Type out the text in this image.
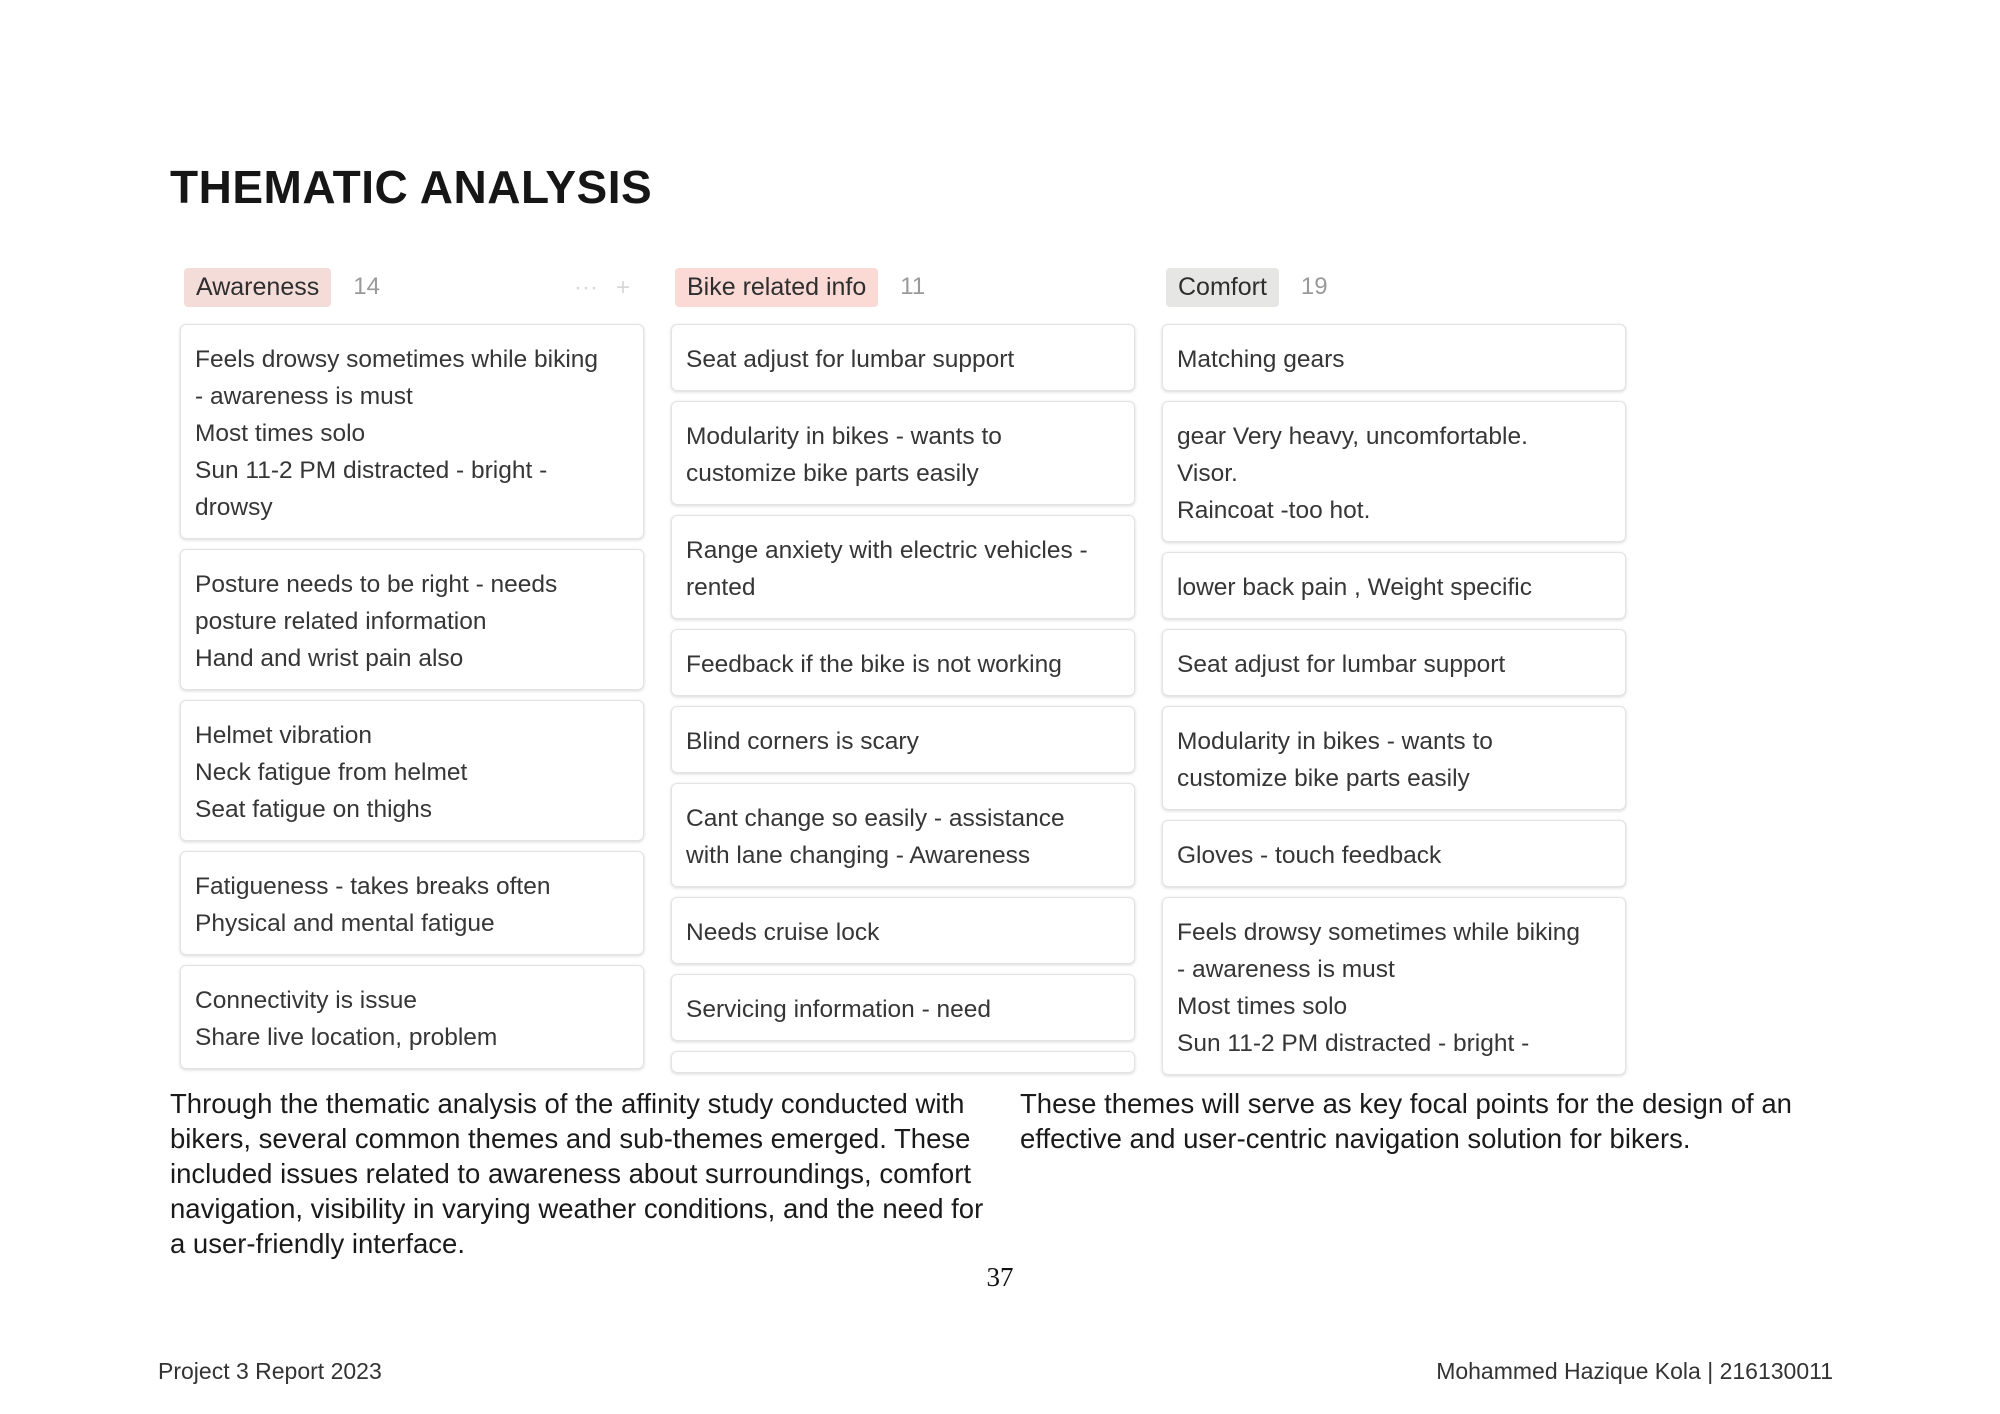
THEMATIC ANALYSIS
Awareness	14	··· +
Feels drowsy sometimes while biking
- awareness is must
Most times solo
Sun 11-2 PM distracted - bright -
drowsy
Posture needs to be right - needs
posture related information
Hand and wrist pain also
Helmet vibration
Neck fatigue from helmet
Seat fatigue on thighs
Fatigueness - takes breaks often
Physical and mental fatigue
Connectivity is issue
Share live location, problem
Bike related info	11
Seat adjust for lumbar support
Modularity in bikes - wants to
customize bike parts easily
Range anxiety with electric vehicles -
rented
Feedback if the bike is not working
Blind corners is scary
Cant change so easily - assistance
with lane changing - Awareness
Needs cruise lock
Servicing information - need
Comfort	19
Matching gears
gear Very heavy, uncomfortable.
Visor.
Raincoat -too hot.
lower back pain , Weight specific
Seat adjust for lumbar support
Modularity in bikes - wants to
customize bike parts easily
Gloves - touch feedback
Feels drowsy sometimes while biking
- awareness is must
Most times solo
Sun 11-2 PM distracted - bright -

Through the thematic analysis of the affinity study conducted with bikers, several common themes and sub-themes emerged. These included issues related to awareness about surroundings, comfort navigation, visibility in varying weather conditions, and the need for a user-friendly interface.

These themes will serve as key focal points for the design of an effective and user-centric navigation solution for bikers.

37
Project 3 Report 2023	Mohammed Hazique Kola | 216130011
